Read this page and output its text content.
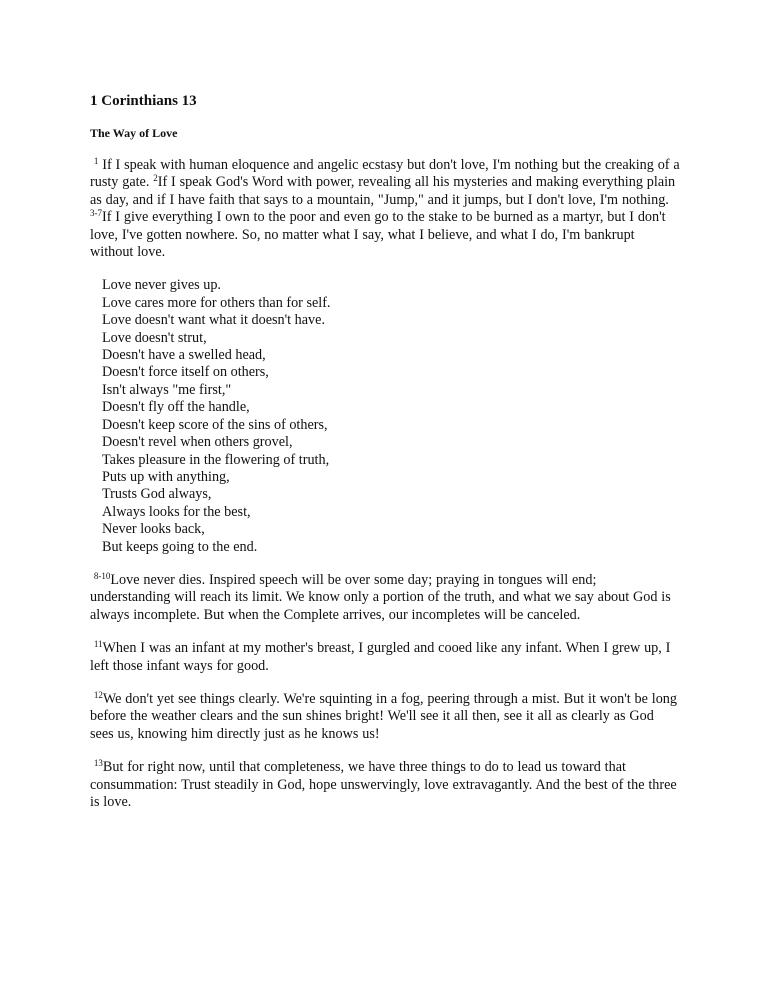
1 Corinthians 13
The Way of Love

$^1$ If I speak with human eloquence and angelic ecstasy but don't love, I'm nothing but the creaking of a rusty gate. $^2$If I speak God's Word with power, revealing all his mysteries and making everything plain as day, and if I have faith that says to a mountain, "Jump," and it jumps, but I don't love, I'm nothing. $^{3-7}$If I give everything I own to the poor and even go to the stake to be burned as a martyr, but I don't love, I've gotten nowhere. So, no matter what I say, what I believe, and what I do, I'm bankrupt without love.

Love never gives up.
Love cares more for others than for self.
Love doesn't want what it doesn't have.
Love doesn't strut,
Doesn't have a swelled head,
Doesn't force itself on others,
Isn't always "me first,"
Doesn't fly off the handle,
Doesn't keep score of the sins of others,
Doesn't revel when others grovel,
Takes pleasure in the flowering of truth,
Puts up with anything,
Trusts God always,
Always looks for the best,
Never looks back,
But keeps going to the end.

$^{8-10}$Love never dies. Inspired speech will be over some day; praying in tongues will end; understanding will reach its limit. We know only a portion of the truth, and what we say about God is always incomplete. But when the Complete arrives, our incompletes will be canceled.

$^{11}$When I was an infant at my mother's breast, I gurgled and cooed like any infant. When I grew up, I left those infant ways for good.

$^{12}$We don't yet see things clearly. We're squinting in a fog, peering through a mist. But it won't be long before the weather clears and the sun shines bright! We'll see it all then, see it all as clearly as God sees us, knowing him directly just as he knows us!

$^{13}$But for right now, until that completeness, we have three things to do to lead us toward that consummation: Trust steadily in God, hope unswervingly, love extravagantly. And the best of the three is love.
